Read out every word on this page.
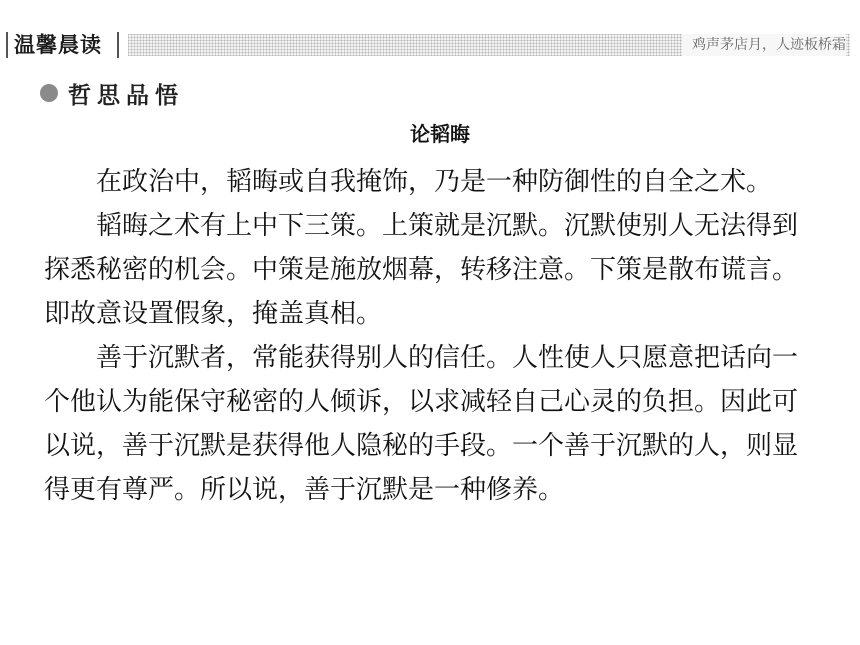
温馨晨读	鸡声茅店月，人迹板桥霜
哲思品悟
论韬晦

在政治中，韬晦或自我掩饰，乃是一种防御性的自全之术。

韬晦之术有上中下三策。上策就是沉默。沉默使别人无法得到探悉秘密的机会。中策是施放烟幕，转移注意。下策是散布谎言。即故意设置假象，掩盖真相。

善于沉默者，常能获得别人的信任。人性使人只愿意把话向一个他认为能保守秘密的人倾诉，以求减轻自己心灵的负担。因此可以说，善于沉默是获得他人隐秘的手段。一个善于沉默的人，则显得更有尊严。所以说，善于沉默是一种修养。
